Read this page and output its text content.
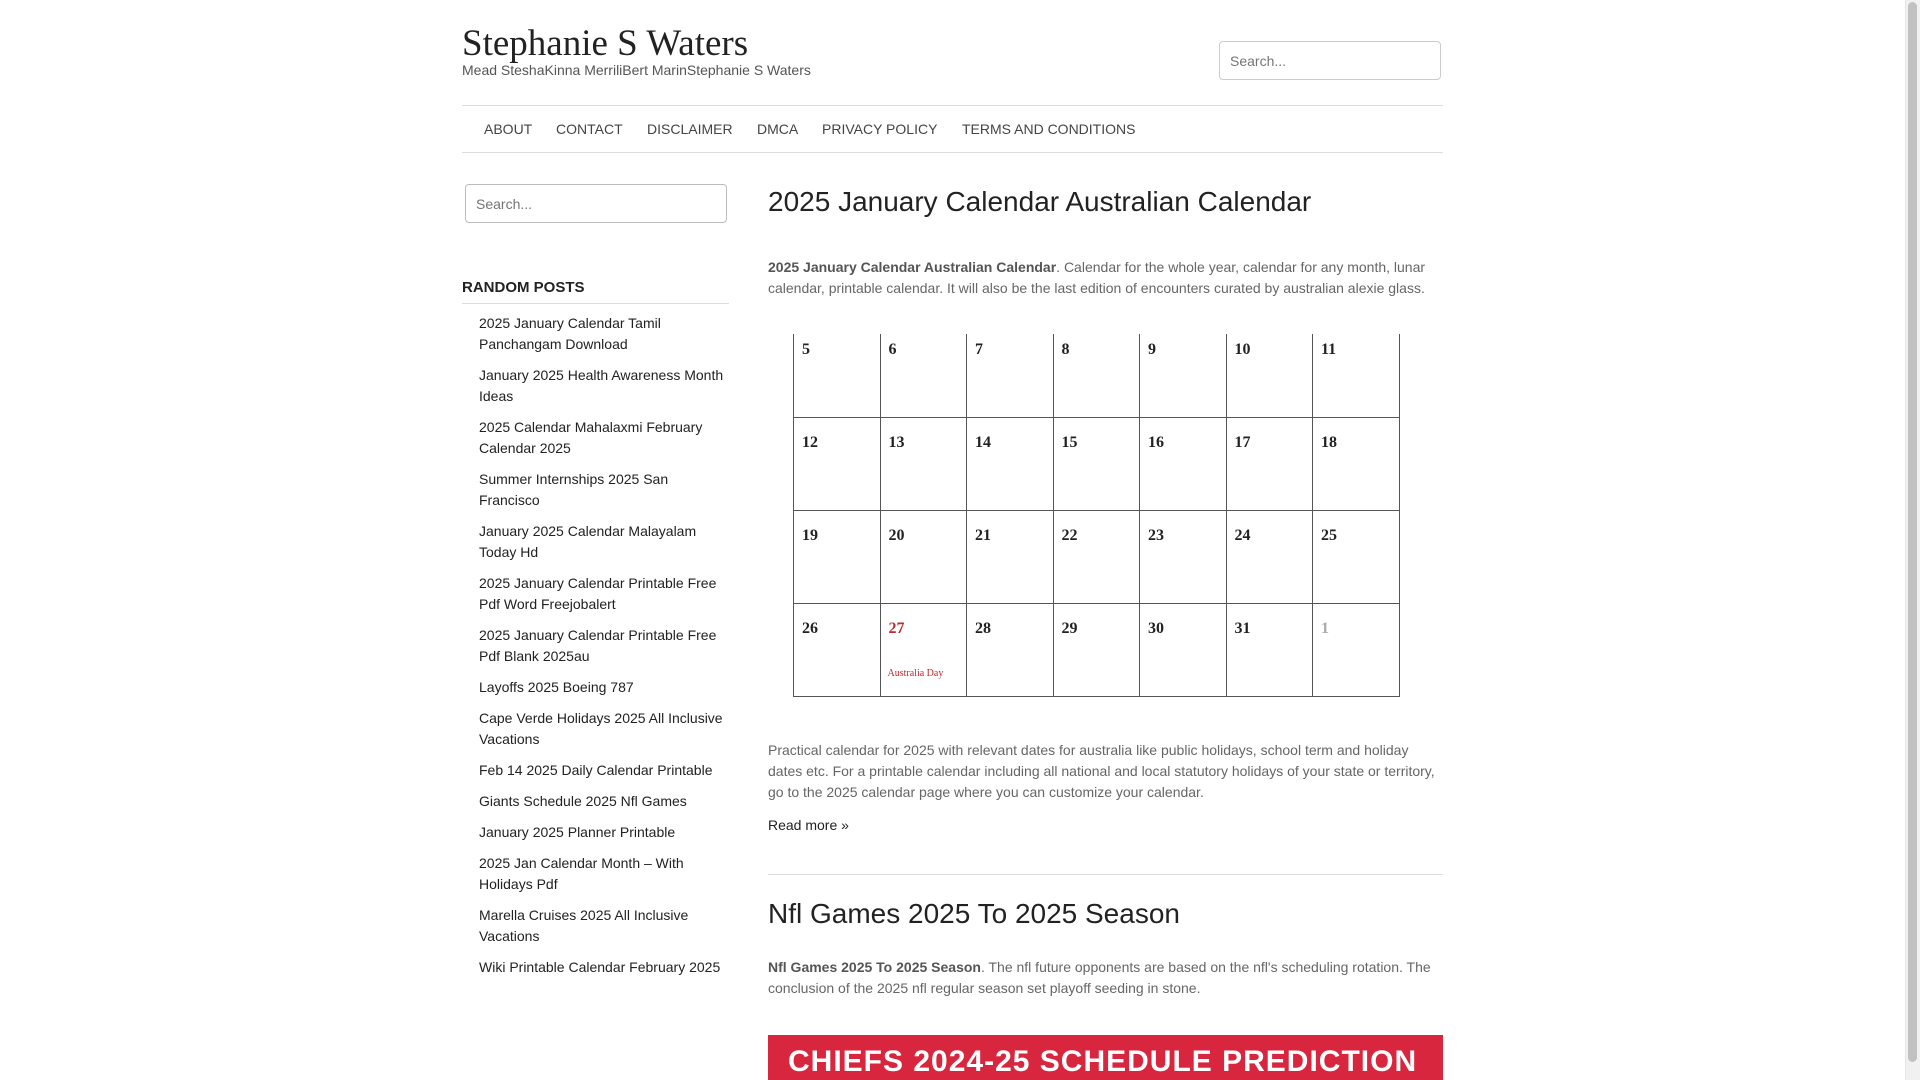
Stephanie S Waters
Mead SteshaKinna MerriliBert MarinStephanie S Waters
Search...
ABOUT CONTACT DISCLAIMER DMCA PRIVACY POLICY TERMS AND CONDITIONS
Search...
RANDOM POSTS
2025 January Calendar Tamil Panchangam Download
January 2025 Health Awareness Month Ideas
2025 Calendar Mahalaxmi February Calendar 2025
Summer Internships 2025 San Francisco
January 2025 Calendar Malayalam Today Hd
2025 January Calendar Printable Free Pdf Word Freejobalert
2025 January Calendar Printable Free Pdf Blank 2025au
Layoffs 2025 Boeing 787
Cape Verde Holidays 2025 All Inclusive Vacations
Feb 14 2025 Daily Calendar Printable
Giants Schedule 2025 Nfl Games
January 2025 Planner Printable
2025 Jan Calendar Month – With Holidays Pdf
Marella Cruises 2025 All Inclusive Vacations
Wiki Printable Calendar February 2025
2025 January Calendar Australian Calendar

2025 January Calendar Australian Calendar. Calendar for the whole year, calendar for any month, lunar calendar, printable calendar. It will also be the last edition of encounters curated by australian alexie glass.

5	6	7	8	9	10	11
12	13	14	15	16	17	18
19	20	21	22	23	24	25
26	27	28	29	30	31	1
Australia Day

Practical calendar for 2025 with relevant dates for australia like public holidays, school term and holiday dates etc. For a printable calendar including all national and local statutory holidays of your state or territory, go to the 2025 calendar page where you can customize your calendar.

Read more »
Nfl Games 2025 To 2025 Season

Nfl Games 2025 To 2025 Season. The nfl future opponents are based on the nfl's scheduling rotation. The conclusion of the 2025 nfl regular season set playoff seeding in stone.

CHIEFS 2024-25 SCHEDULE PREDICTION
